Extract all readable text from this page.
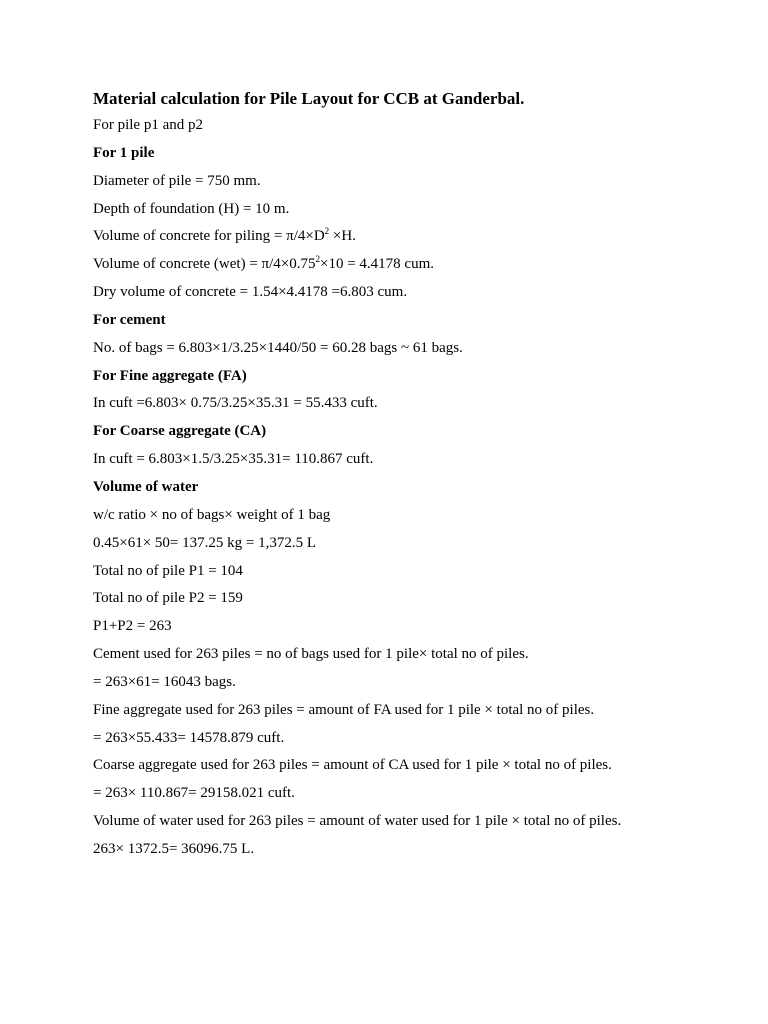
Material calculation for Pile Layout for CCB at Ganderbal.

For pile p1 and p2

For 1 pile

Diameter of pile = 750 mm.

Depth of foundation (H) = 10 m.

Volume of concrete for piling = $\pi/4\times D^2 \times H$.

Volume of concrete $(wet) = \pi/4\times 0.75^2\times 10 = 4.4178$ cum.

Dry volume of concrete = 1.54×4.4178 =6.803 cum.

For cement

No. of bags = 6.803×1/3.25×1440/50 = 60.28 bags ~ 61 bags.

For Fine aggregate (FA)

In cuft =6.803× 0.75/3.25×35.31 = 55.433 cuft.

For Coarse aggregate (CA)

In cuft = 6.803×1.5/3.25×35.31= 110.867 cuft.

Volume of water

w/c ratio × no of bags× weight of 1 bag

0.45×61× 50= 137.25 kg = 1,372.5 L

Total no of pile P1 = 104

Total no of pile P2 = 159

P1+P2 = 263

Cement used for 263 piles = no of bags used for 1 pile× total no of piles.

= 263×61= 16043 bags.

Fine aggregate used for 263 piles = amount of FA used for 1 pile × total no of piles.

= 263×55.433= 14578.879 cuft.

Coarse aggregate used for 263 piles = amount of CA used for 1 pile × total no of piles.

= 263× 110.867= 29158.021 cuft.

Volume of water used for 263 piles = amount of water used for 1 pile × total no of piles.

263× 1372.5= 36096.75 L.
